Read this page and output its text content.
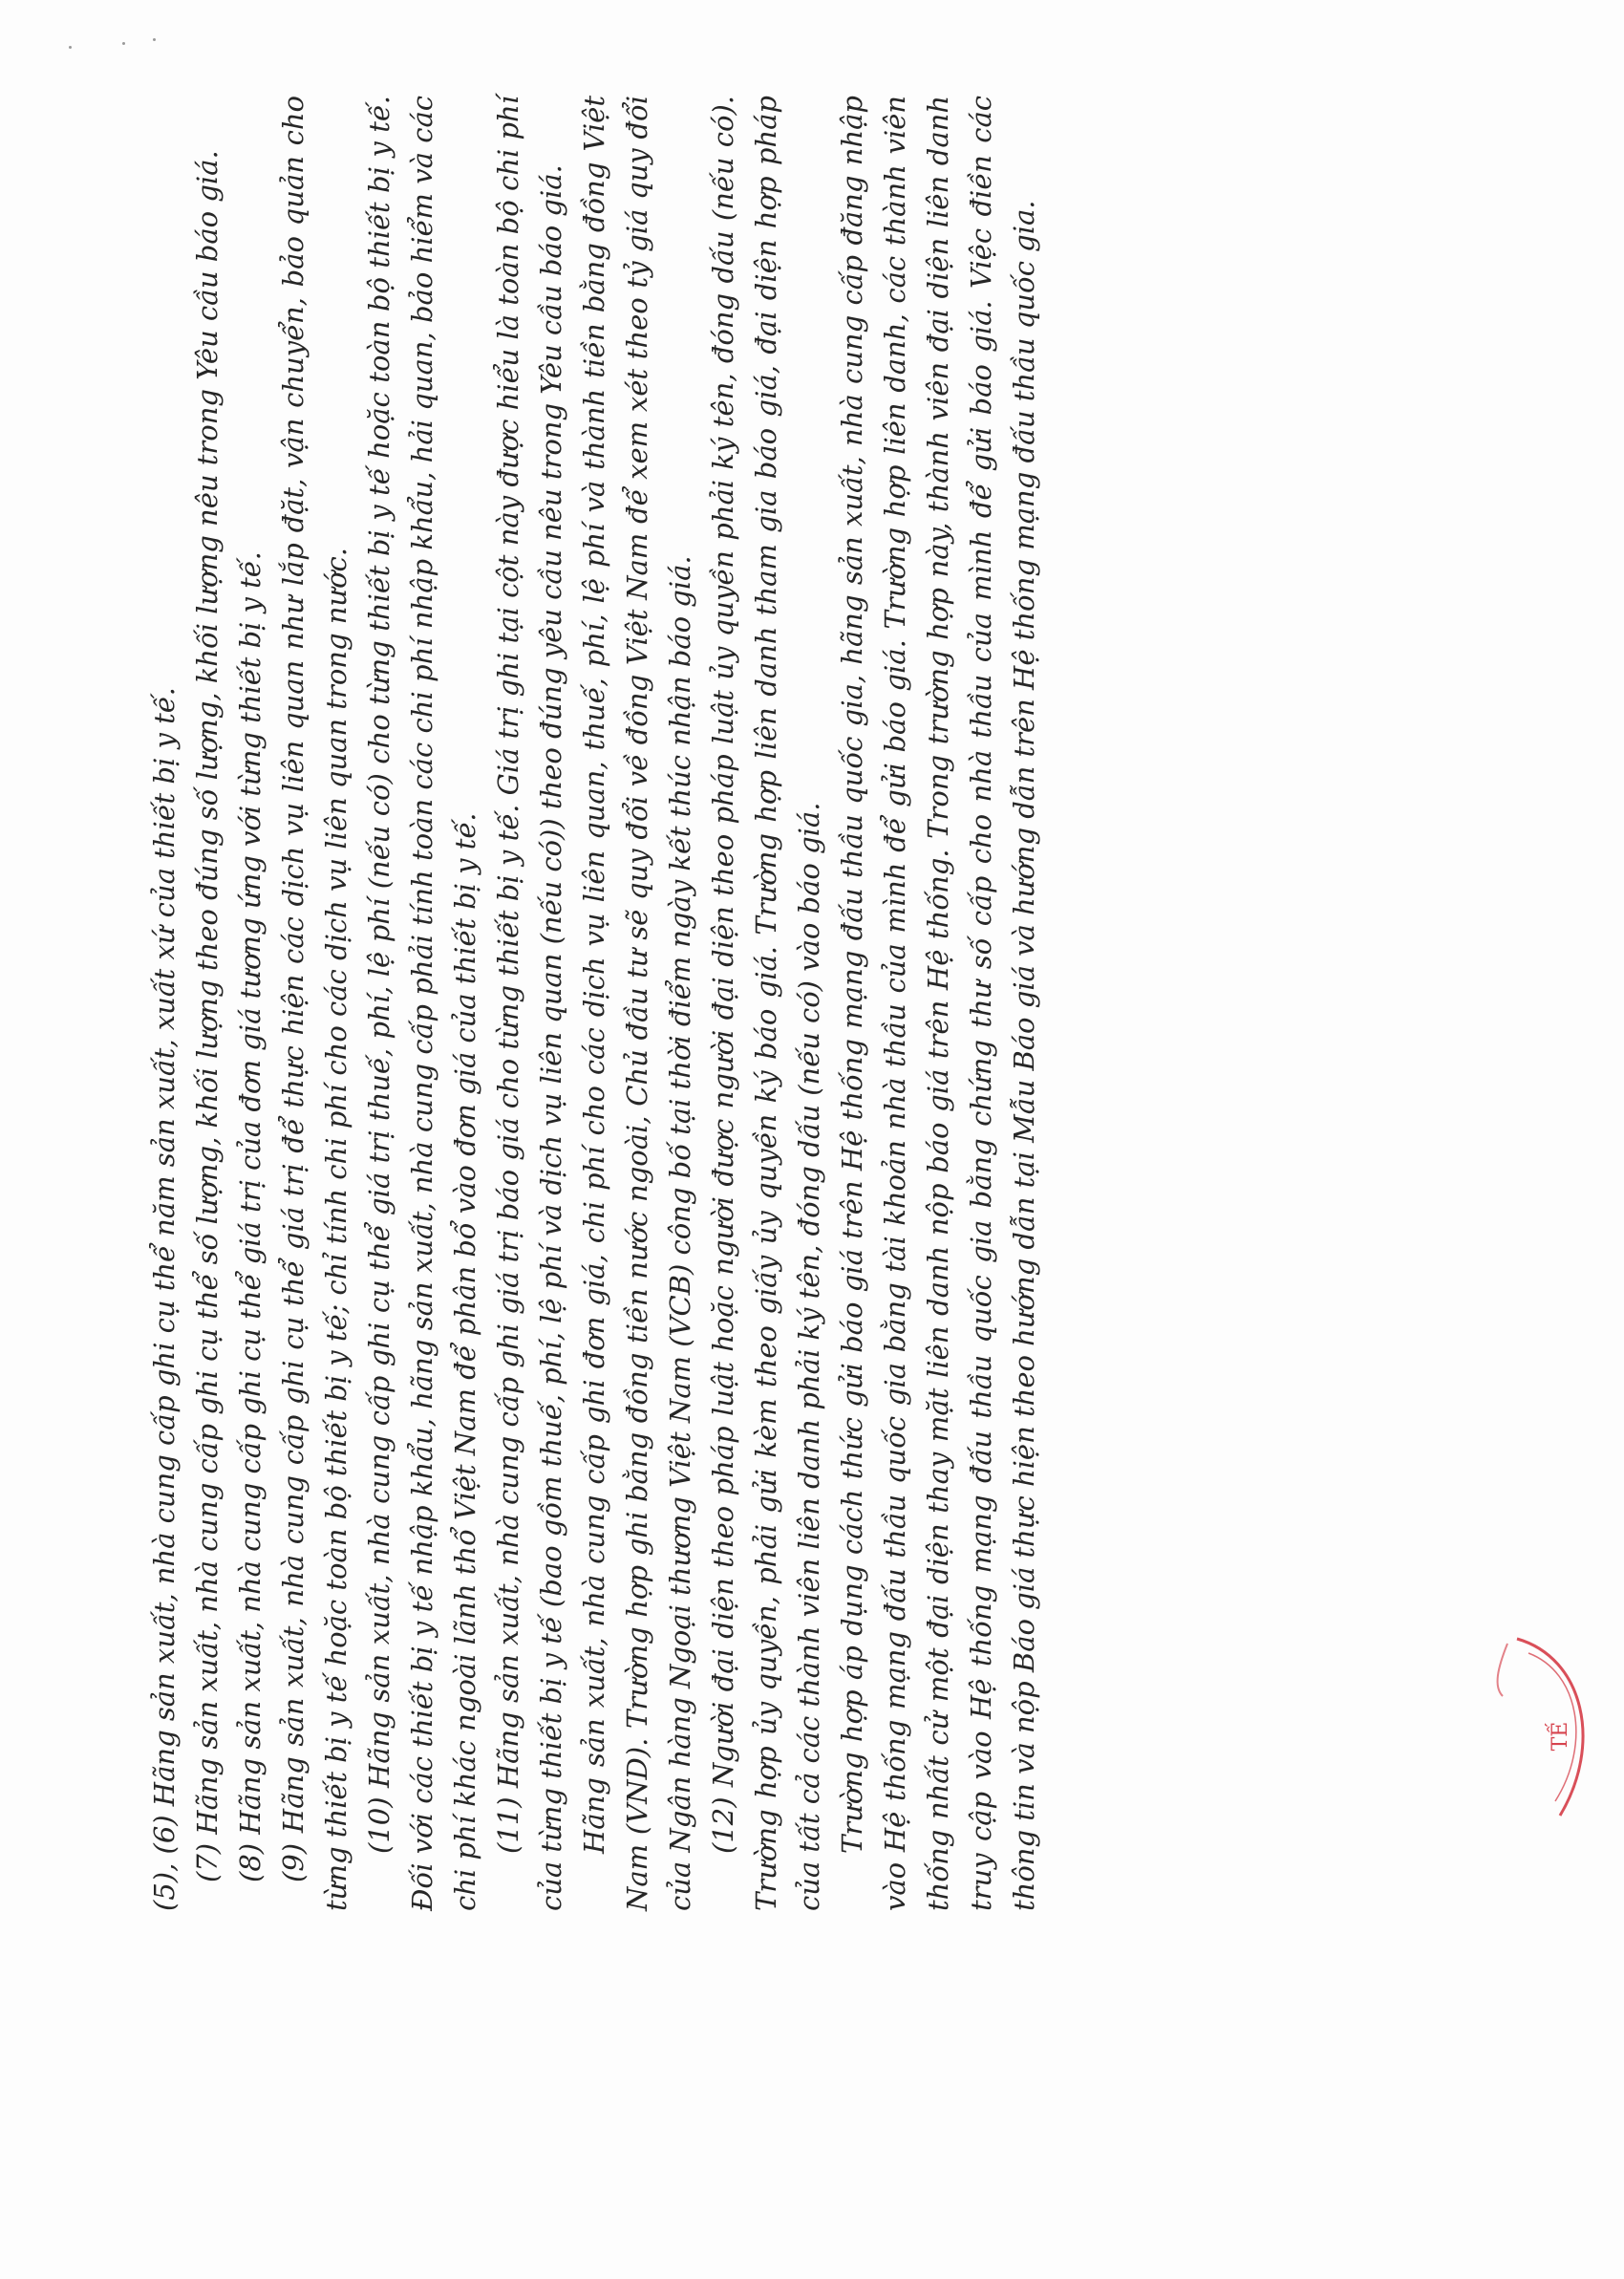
(5), (6) Hãng sản xuất, nhà cung cấp ghi cụ thể năm sản xuất, xuất xứ của thiết bị y tế. (7) Hãng sản xuất, nhà cung cấp ghi cụ thể số lượng, khối lượng theo đúng số lượng, khối lượng nêu trong Yêu cầu báo giá. (8) Hãng sản xuất, nhà cung cấp ghi cụ thể giá trị của đơn giá tương ứng với từng thiết bị y tế. (9) Hãng sản xuất, nhà cung cấp ghi cụ thể giá trị để thực hiện các dịch vụ liên quan như lắp đặt, vận chuyển, bảo quản cho từng thiết bị y tế hoặc toàn bộ thiết bị y tế; chỉ tính chi phí cho các dịch vụ liên quan trong nước. (10) Hãng sản xuất, nhà cung cấp ghi cụ thể giá trị thuế, phí, lệ phí (nếu có) cho từng thiết bị y tế hoặc toàn bộ thiết bị y tế. Đối với các thiết bị y tế nhập khẩu, hãng sản xuất, nhà cung cấp phải tính toàn các chi phí nhập khẩu, hải quan, bảo hiểm và các chi phí khác ngoài lãnh thổ Việt Nam để phân bổ vào đơn giá của thiết bị y tế. (11) Hãng sản xuất, nhà cung cấp ghi giá trị báo giá cho từng thiết bị y tế. Giá trị ghi tại cột này được hiểu là toàn bộ chi phí của từng thiết bị y tế (bao gồm thuế, phí, lệ phí và dịch vụ liên quan (nếu có)) theo đúng yêu cầu nêu trong Yêu cầu báo giá. Hãng sản xuất, nhà cung cấp ghi đơn giá, chi phí cho các dịch vụ liên quan, thuế, phí, lệ phí và thành tiền bằng đồng Việt Nam (VND). Trường hợp ghi bằng đồng tiền nước ngoài, Chủ đầu tư sẽ quy đổi về đồng Việt Nam để xem xét theo tỷ giá quy đổi của Ngân hàng Ngoại thương Việt Nam (VCB) công bố tại thời điểm ngày kết thúc nhận báo giá. (12) Người đại diện theo pháp luật hoặc người được người đại diện theo pháp luật ủy quyền phải ký tên, đóng dấu (nếu có). Trường hợp ủy quyền, phải gửi kèm theo giấy ủy quyền ký báo giá. Trường hợp liên danh tham gia báo giá, đại diện hợp pháp của tất cả các thành viên liên danh phải ký tên, đóng dấu (nếu có) vào báo giá. Trường hợp áp dụng cách thức gửi báo giá trên Hệ thống mạng đấu thầu quốc gia, hãng sản xuất, nhà cung cấp đăng nhập vào Hệ thống mạng đấu thầu quốc gia bằng tài khoản nhà thầu của mình để gửi báo giá. Trường hợp liên danh, các thành viên thống nhất cử một đại diện thay mặt liên danh nộp báo giá trên Hệ thống. Trong trường hợp này, thành viên đại diện liên danh truy cập vào Hệ thống mạng đấu thầu quốc gia bằng chứng thư số cấp cho nhà thầu của mình để gửi báo giá. Việc điền các thông tin và nộp Báo giá thực hiện theo hướng dẫn tại Mẫu Báo giá và hướng dẫn trên Hệ thống mạng đấu thầu quốc gia.	TẾ
